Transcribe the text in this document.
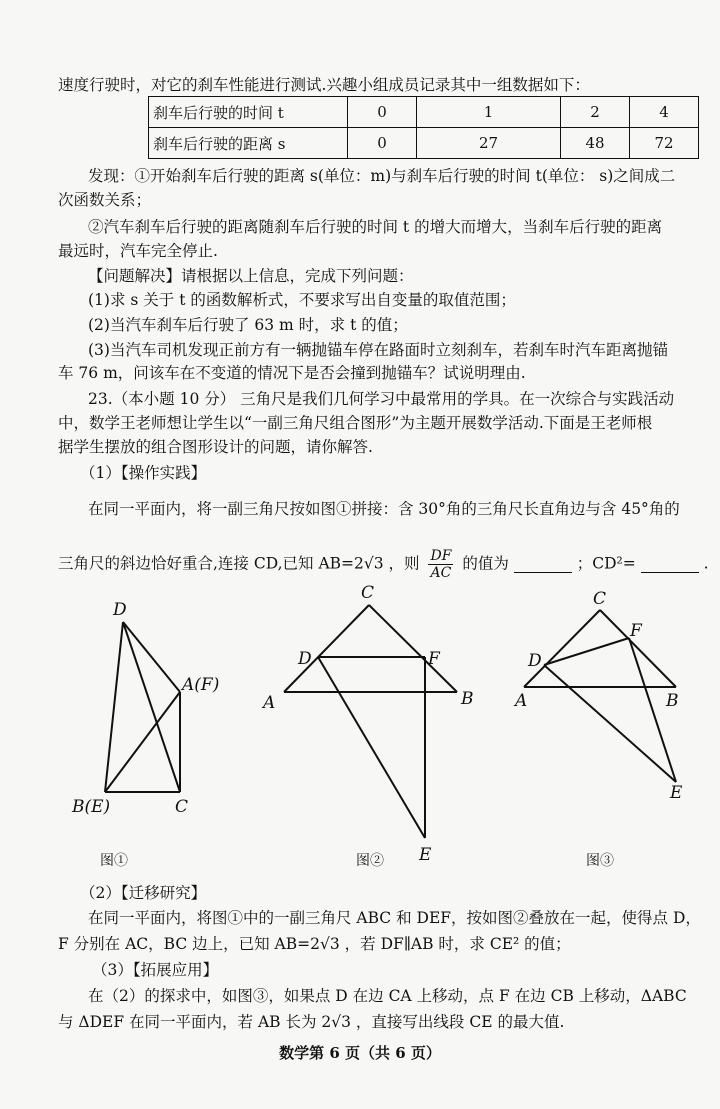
速度行驶时，对它的刹车性能进行测试.兴趣小组成员记录其中一组数据如下：
刹车后行驶的时间 t	0	1	2	4
刹车后行驶的距离 s	0	27	48	72
发现：①开始刹车后行驶的距离 s(单位：m)与刹车后行驶的时间 t(单位： s)之间成二
次函数关系；
②汽车刹车后行驶的距离随刹车后行驶的时间 t 的增大而增大，当刹车后行驶的距离
最远时，汽车完全停止.
【问题解决】请根据以上信息，完成下列问题：
(1)求 s 关于 t 的函数解析式，不要求写出自变量的取值范围；
(2)当汽车刹车后行驶了 63 m 时，求 t 的值；
(3)当汽车司机发现正前方有一辆抛锚车停在路面时立刻刹车，若刹车时汽车距离抛锚
车 76 m，问该车在不变道的情况下是否会撞到抛锚车？试说明理由.
23.（本小题 10 分） 三角尺是我们几何学习中最常用的学具。在一次综合与实践活动
中，数学王老师想让学生以“一副三角尺组合图形”为主题开展数学活动.下面是王老师根
据学生摆放的组合图形设计的问题，请你解答.
（1）【操作实践】
在同一平面内，将一副三角尺按如图①拼接：含 30°角的三角尺长直角边与含 45°角的
三角尺的斜边恰好重合,连接 CD,已知 AB=2√3 ，则 $\frac{DF}{AC}$ 的值为	；CD²=	.
D
A(F)
B(E)	C
C
D	F
A	B
E
C
F
D
A	B
E
图①	图②	图③
（2）【迁移研究】
在同一平面内，将图①中的一副三角尺 ABC 和 DEF，按如图②叠放在一起，使得点 D，
F 分别在 AC，BC 边上，已知 AB=2√3 ，若 DF∥AB 时，求 CE² 的值；
（3）【拓展应用】
在（2）的探求中，如图③，如果点 D 在边 CA 上移动，点 F 在边 CB 上移动，ΔABC
与 ΔDEF 在同一平面内，若 AB 长为 2√3 ，直接写出线段 CE 的最大值.
数学第 6 页（共 6 页）
